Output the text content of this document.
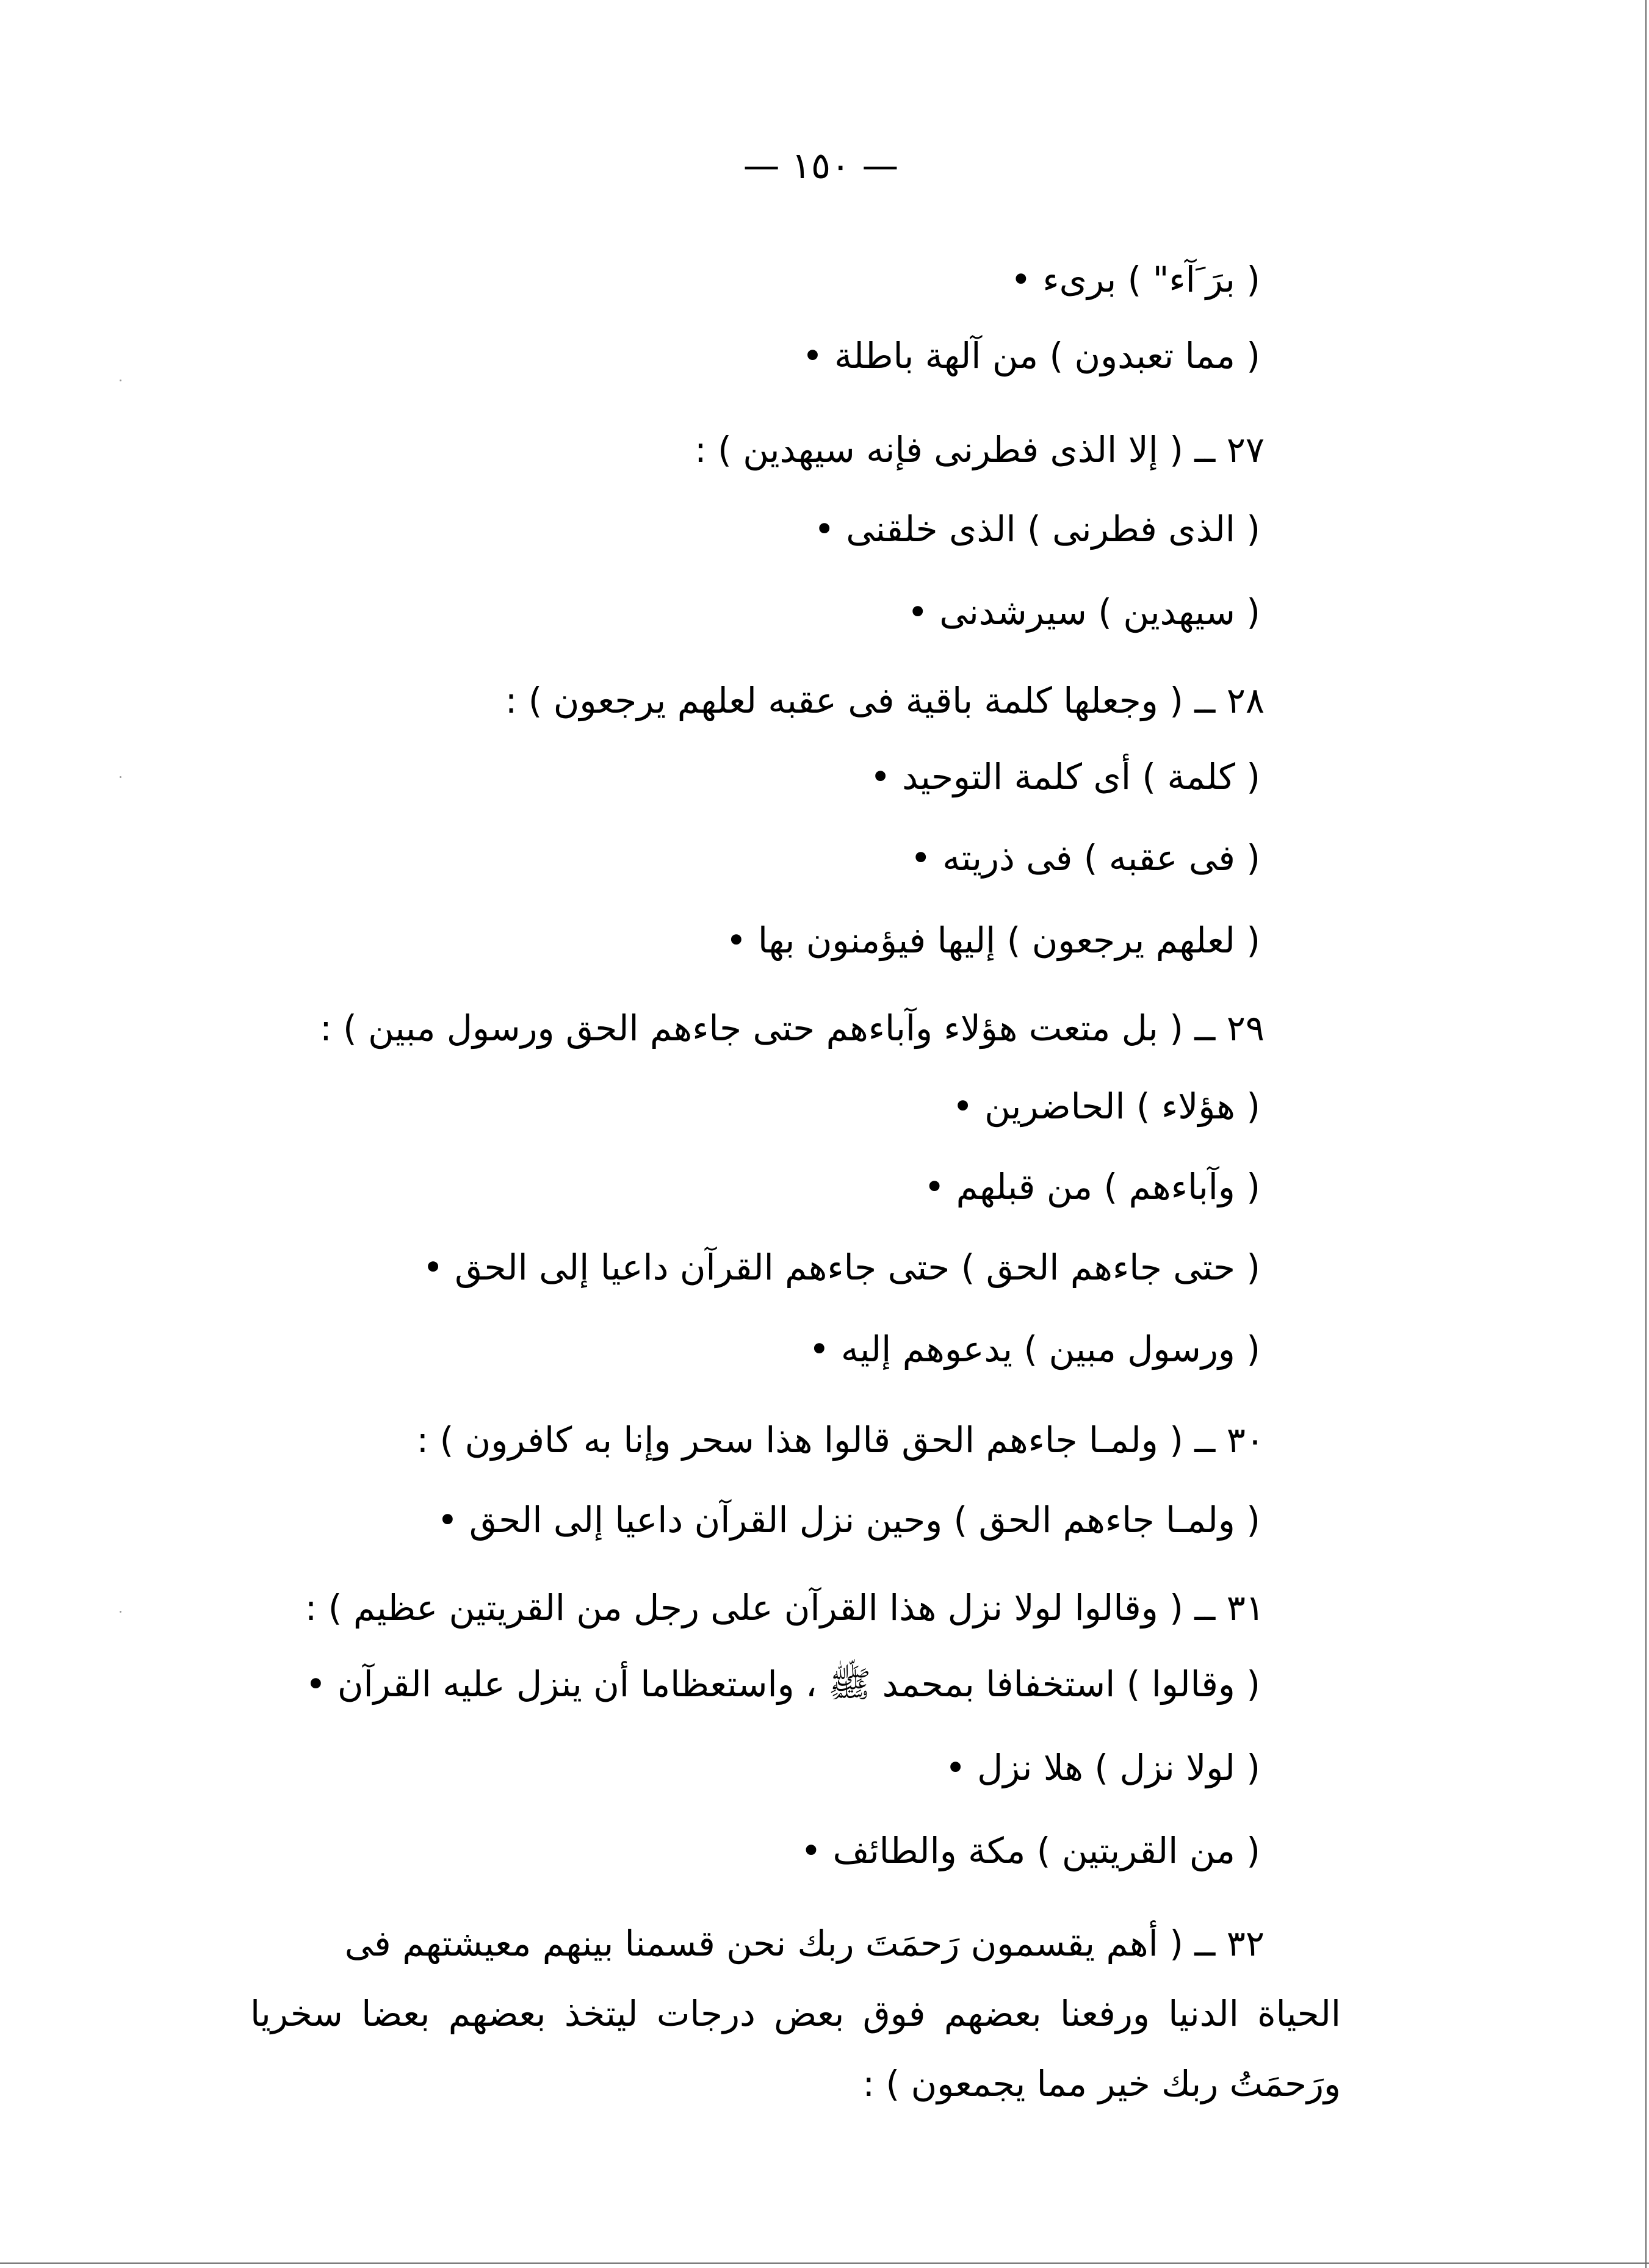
— ١٥٠ —
( برَ َآء" ) برىء •
( مما تعبدون ) من آلهة باطلة •
٢٧ ــ ( إلا الذى فطرنى فإنه سيهدين ) :
( الذى فطرنى ) الذى خلقنى •
( سيهدين ) سيرشدنى •
٢٨ ــ ( وجعلها كلمة باقية فى عقبه لعلهم يرجعون ) :
( كلمة ) أى كلمة التوحيد •
( فى عقبه ) فى ذريته •
( لعلهم يرجعون ) إليها فيؤمنون بها •
٢٩ ــ ( بل متعت هؤلاء وآباءهم حتى جاءهم الحق ورسول مبين ) :
( هؤلاء ) الحاضرين •
( وآباءهم ) من قبلهم •
( حتى جاءهم الحق ) حتى جاءهم القرآن داعيا إلى الحق •
( ورسول مبين ) يدعوهم إليه •
٣٠ ــ ( ولمـا جاءهم الحق قالوا هذا سحر وإنا به كافرون ) :
( ولمـا جاءهم الحق ) وحين نزل القرآن داعيا إلى الحق •
٣١ ــ ( وقالوا لولا نزل هذا القرآن على رجل من القريتين عظيم ) :
( وقالوا ) استخفافا بمحمد ﷺ ، واستعظاما أن ينزل عليه القرآن •
( لولا نزل ) هلا نزل •
( من القريتين ) مكة والطائف •
٣٢ ــ ( أهم يقسمون رَحمَتَ ربك نحن قسمنا بينهم معيشتهم فى
الحياة الدنيا ورفعنا بعضهم فوق بعض درجات ليتخذ بعضهم بعضا سخريا
ورَحمَتُ ربك خير مما يجمعون ) :
